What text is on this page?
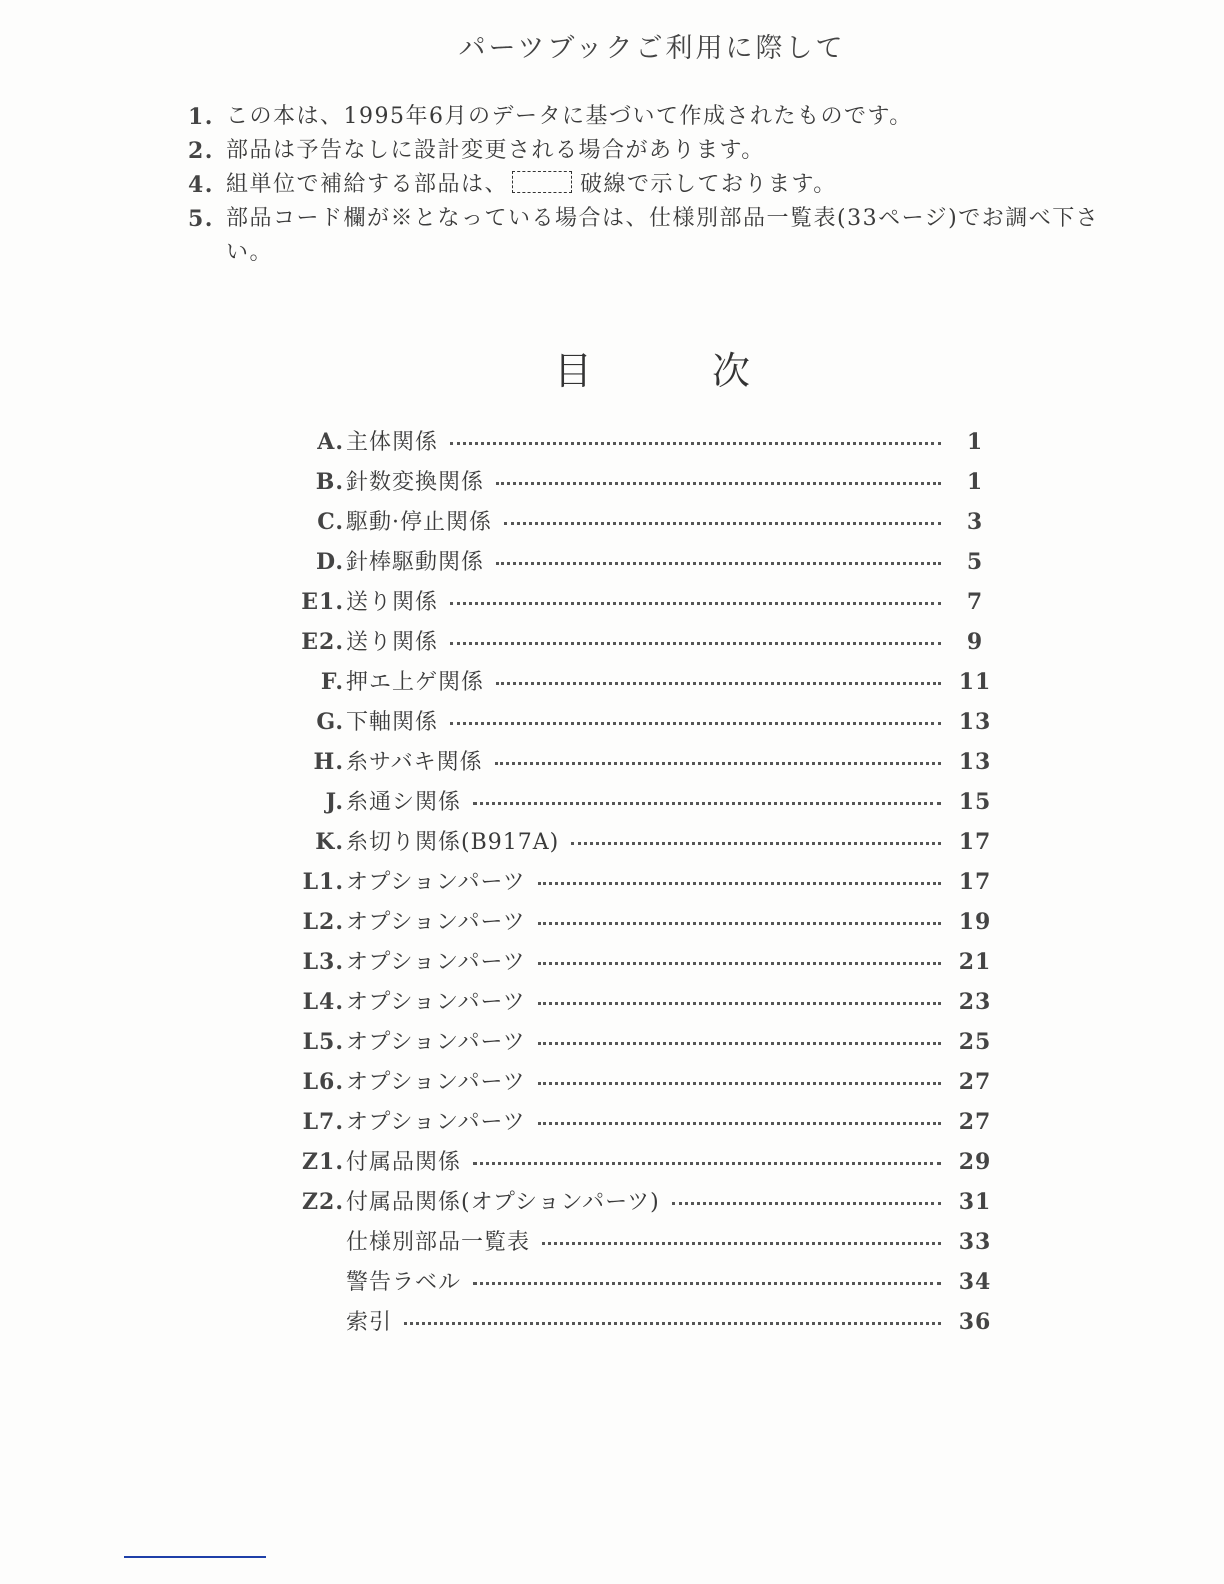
パーツブックご利用に際して
1. この本は、1995年6月のデータに基づいて作成されたものです。
2. 部品は予告なしに設計変更される場合があります。
4. 組単位で補給する部品は、	破線で示しております。
5. 部品コード欄が※となっている場合は、仕様別部品一覧表(33ページ)でお調べ下さい。
目	次
A. 主体関係	1
B. 針数変換関係	1
C. 駆動·停止関係	3
D. 針棒駆動関係	5
E1. 送り関係	7
E2. 送り関係	9
F. 押エ上ゲ関係	11
G. 下軸関係	13
H. 糸サバキ関係	13
J. 糸通シ関係	15
K. 糸切り関係(B917A)	17
L1. オプションパーツ	17
L2. オプションパーツ	19
L3. オプションパーツ	21
L4. オプションパーツ	23
L5. オプションパーツ	25
L6. オプションパーツ	27
L7. オプションパーツ	27
Z1. 付属品関係	29
Z2. 付属品関係(オプションパーツ)	31
仕様別部品一覧表	33
警告ラベル	34
索引	36
